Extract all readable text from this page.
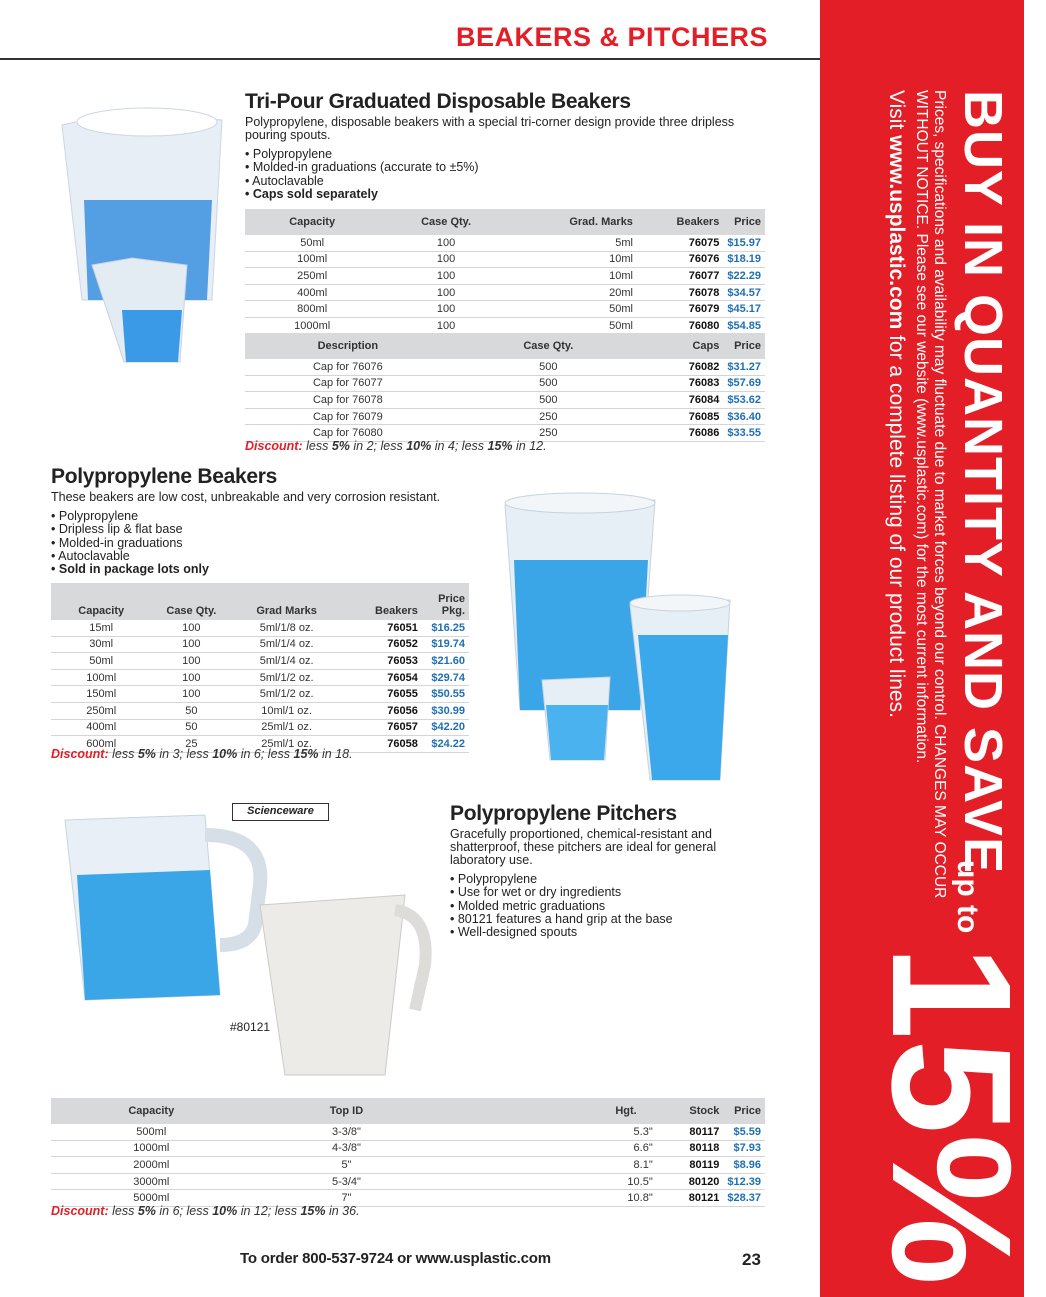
BEAKERS & PITCHERS
BUY IN QUANTITY AND SAVE
up to
15%
Prices, specifications and availability may fluctuate due to market forces beyond our control. CHANGES MAY OCCUR WITHOUT NOTICE. Please see our website (www.usplastic.com) for the most current information.
Visit www.usplastic.com for a complete listing of our product lines.
Tri-Pour Graduated Disposable Beakers

Polypropylene, disposable beakers with a special tri-corner design provide three dripless pouring spouts.

• Polypropylene
• Molded-in graduations (accurate to ±5%)
• Autoclavable
• Caps sold separately
Capacity	Case Qty.	Grad. Marks	Beakers	Price
50ml	100	5ml	76075	$15.97
100ml	100	10ml	76076	$18.19
250ml	100	10ml	76077	$22.29
400ml	100	20ml	76078	$34.57
800ml	100	50ml	76079	$45.17
1000ml	100	50ml	76080	$54.85
Description	Case Qty.	Caps	Price
Cap for 76076	500	76082	$31.27
Cap for 76077	500	76083	$57.69
Cap for 76078	500	76084	$53.62
Cap for 76079	250	76085	$36.40
Cap for 76080	250	76086	$33.55
Discount: less 5% in 2; less 10% in 4; less 15% in 12.
Polypropylene Beakers

These beakers are low cost, unbreakable and very corrosion resistant.

• Polypropylene
• Dripless lip & flat base
• Molded-in graduations
• Autoclavable
• Sold in package lots only
Capacity	Case Qty.	Grad Marks	Beakers	Price Pkg.
15ml	100	5ml/1/8 oz.	76051	$16.25
30ml	100	5ml/1/4 oz.	76052	$19.74
50ml	100	5ml/1/4 oz.	76053	$21.60
100ml	100	5ml/1/2 oz.	76054	$29.74
150ml	100	5ml/1/2 oz.	76055	$50.55
250ml	50	10ml/1 oz.	76056	$30.99
400ml	50	25ml/1 oz.	76057	$42.20
600ml	25	25ml/1 oz.	76058	$24.22
Discount: less 5% in 3; less 10% in 6; less 15% in 18.
Scienceware
#80121
Polypropylene Pitchers

Gracefully proportioned, chemical-resistant and shatterproof, these pitchers are ideal for general laboratory use.

• Polypropylene
• Use for wet or dry ingredients
• Molded metric graduations
• 80121 features a hand grip at the base
• Well-designed spouts
Capacity	Top ID	Hgt.	Stock	Price
500ml	3-3/8"	5.3"	80117	$5.59
1000ml	4-3/8"	6.6"	80118	$7.93
2000ml	5"	8.1"	80119	$8.96
3000ml	5-3/4"	10.5"	80120	$12.39
5000ml	7"	10.8"	80121	$28.37
Discount: less 5% in 6; less 10% in 12; less 15% in 36.
To order 800-537-9724 or www.usplastic.com	23
